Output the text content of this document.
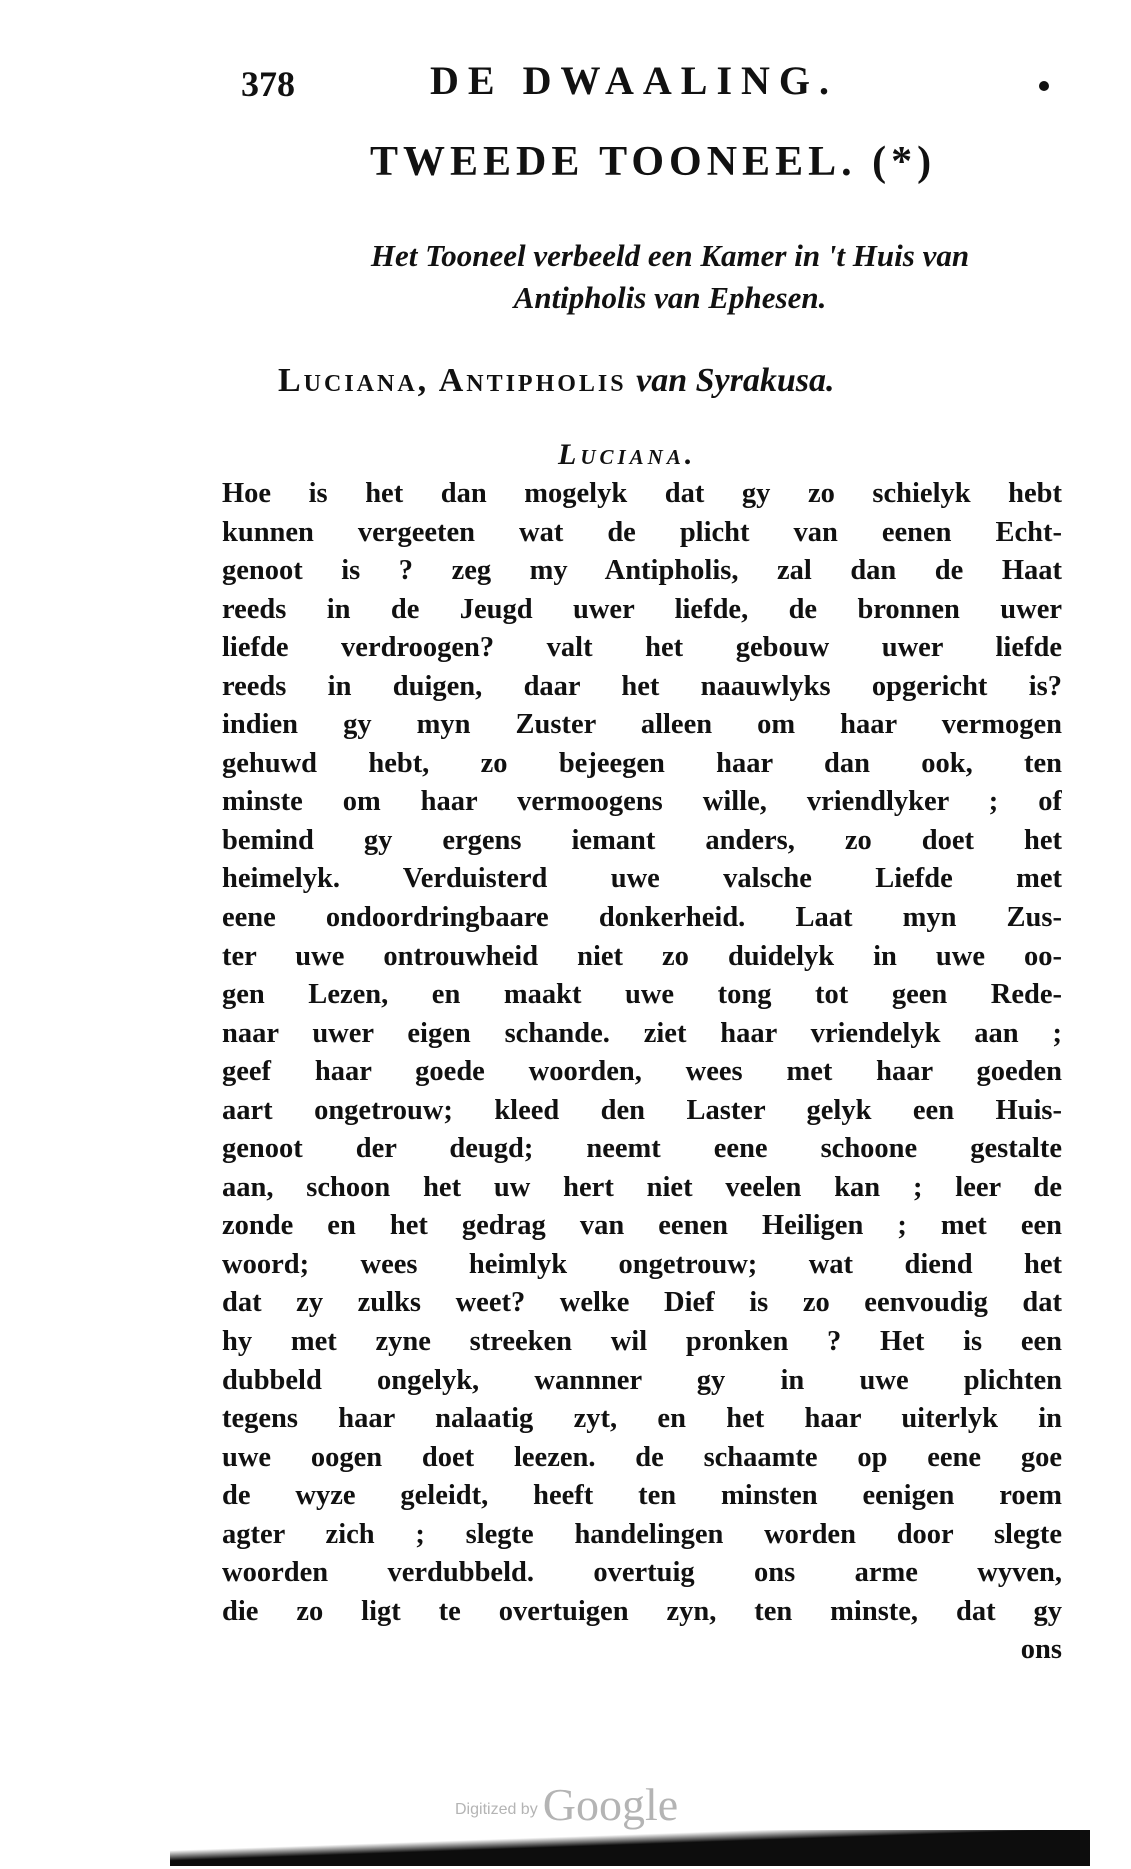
378	DE DWAALING.
TWEEDE TOONEEL. (*)
Het Tooneel verbeeld een Kamer in 't Huis van
Antipholis van Ephesen.
Luciana, Antipholis van Syrakusa.
Luciana.
Hoe is het dan mogelyk dat gy zo schielyk hebt
kunnen vergeeten wat de plicht van eenen Echt-
genoot is ? zeg my Antipholis, zal dan de Haat
reeds in de Jeugd uwer liefde, de bronnen uwer
liefde verdroogen? valt het gebouw uwer liefde
reeds in duigen, daar het naauwlyks opgericht is?
indien gy myn Zuster alleen om haar vermogen
gehuwd hebt, zo bejeegen haar dan ook, ten
minste om haar vermoogens wille, vriendlyker ; of
bemind gy ergens iemant anders, zo doet het
heimelyk. Verduisterd uwe valsche Liefde met
eene ondoordringbaare donkerheid. Laat myn Zus-
ter uwe ontrouwheid niet zo duidelyk in uwe oo-
gen Lezen, en maakt uwe tong tot geen Rede-
naar uwer eigen schande. ziet haar vriendelyk aan ;
geef haar goede woorden, wees met haar goeden
aart ongetrouw; kleed den Laster gelyk een Huis-
genoot der deugd; neemt eene schoone gestalte
aan, schoon het uw hert niet veelen kan ; leer de
zonde en het gedrag van eenen Heiligen ; met een
woord; wees heimlyk ongetrouw; wat diend het
dat zy zulks weet? welke Dief is zo eenvoudig dat
hy met zyne streeken wil pronken ? Het is een
dubbeld ongelyk, wannner gy in uwe plichten
tegens haar nalaatig zyt, en het haar uiterlyk in
uwe oogen doet leezen. de schaamte op eene goe
de wyze geleidt, heeft ten minsten eenigen roem
agter zich ; slegte handelingen worden door slegte
woorden verdubbeld. overtuig ons arme wyven,
die zo ligt te overtuigen zyn, ten minste, dat gy
ons
Digitized by Google
